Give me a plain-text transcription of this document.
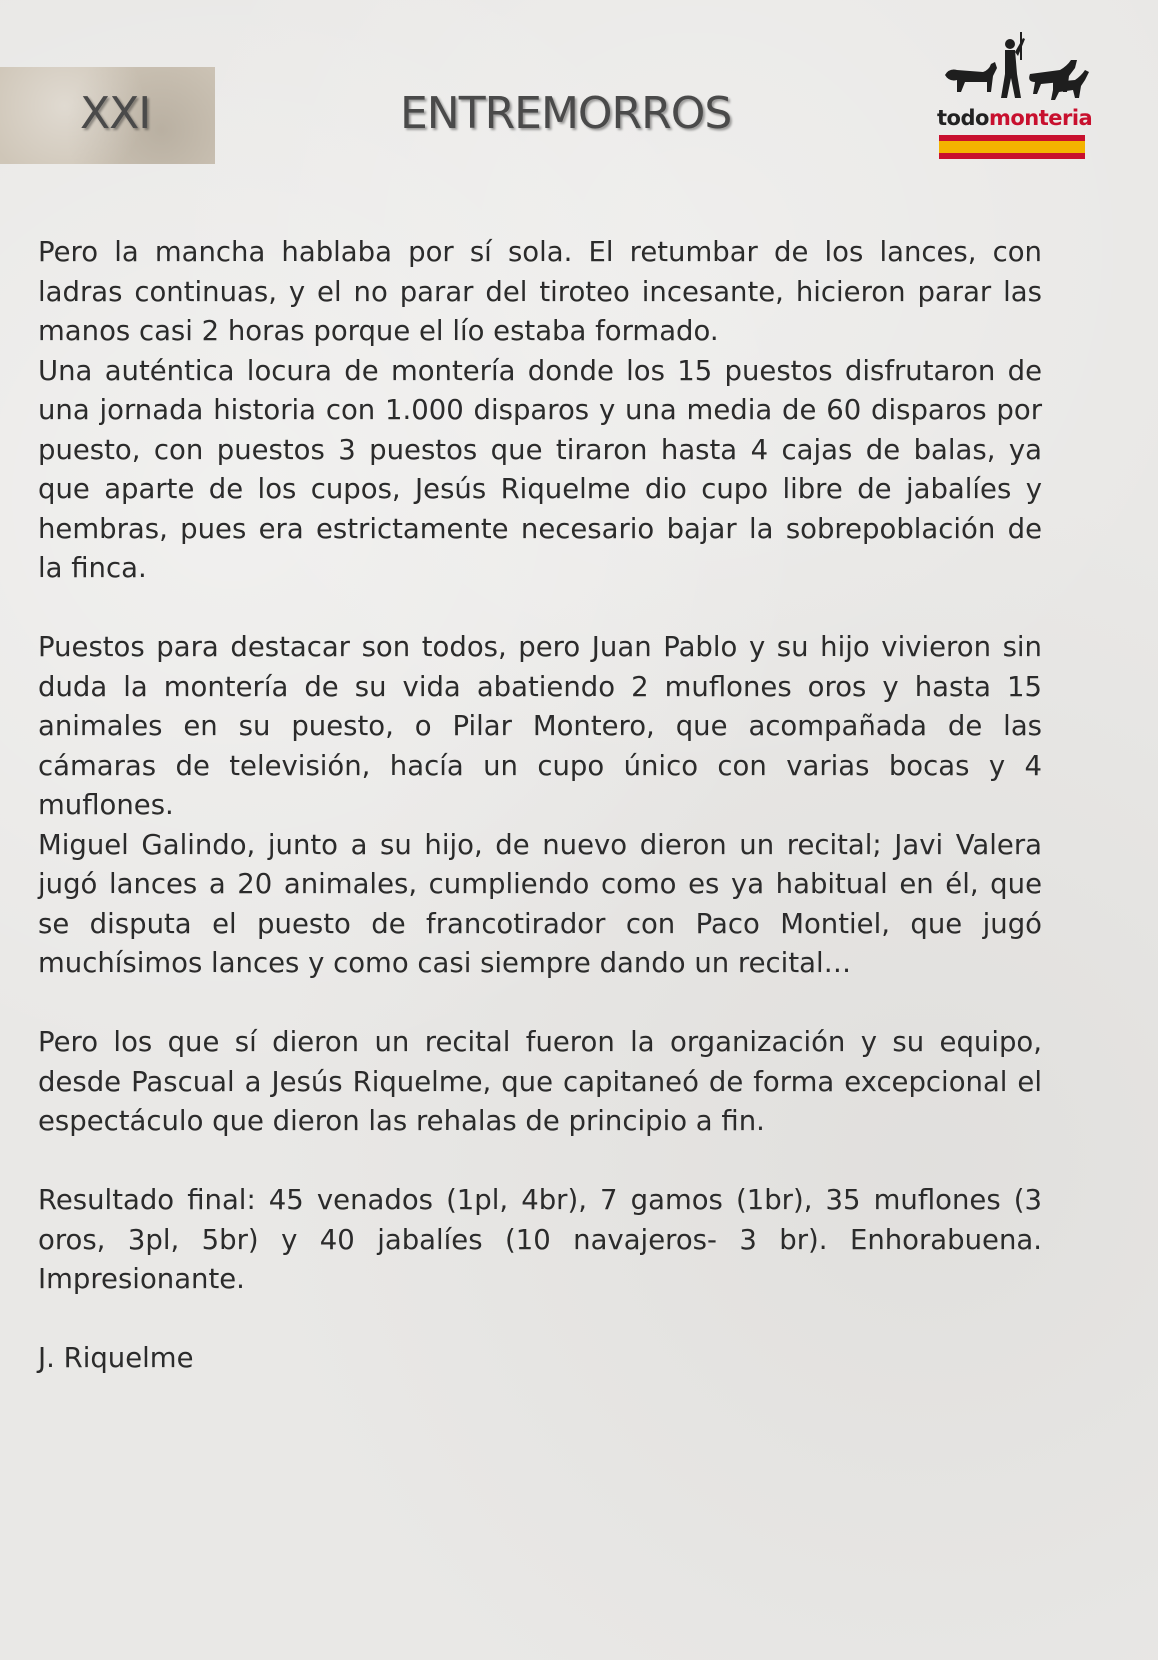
XXI	ENTREMORROS	todomonteria

Pero la mancha hablaba por sí sola. El retumbar de los lances, con ladras continuas, y el no parar del tiroteo incesante, hicieron parar las manos casi 2 horas porque el lío estaba formado.

Una auténtica locura de montería donde los 15 puestos disfrutaron de una jornada historia con 1.000 disparos y una media de 60 disparos por puesto, con puestos 3 puestos que tiraron hasta 4 cajas de balas, ya que aparte de los cupos, Jesús Riquelme dio cupo libre de jabalíes y hembras, pues era estrictamente necesario bajar la sobrepoblación de la finca.

Puestos para destacar son todos, pero Juan Pablo y su hijo vivieron sin duda la montería de su vida abatiendo 2 muflones oros y hasta 15 animales en su puesto, o Pilar Montero, que acompañada de las cámaras de televisión, hacía un cupo único con varias bocas y 4 muflones.

Miguel Galindo, junto a su hijo, de nuevo dieron un recital; Javi Valera jugó lances a 20 animales, cumpliendo como es ya habitual en él, que se disputa el puesto de francotirador con Paco Montiel, que jugó muchísimos lances y como casi siempre dando un recital…

Pero los que sí dieron un recital fueron la organización y su equipo, desde Pascual a Jesús Riquelme, que capitaneó de forma excepcional el espectáculo que dieron las rehalas de principio a fin.

Resultado final: 45 venados (1pl, 4br), 7 gamos (1br), 35 muflones (3 oros, 3pl, 5br) y 40 jabalíes (10 navajeros- 3 br). Enhorabuena. Impresionante.

J. Riquelme
